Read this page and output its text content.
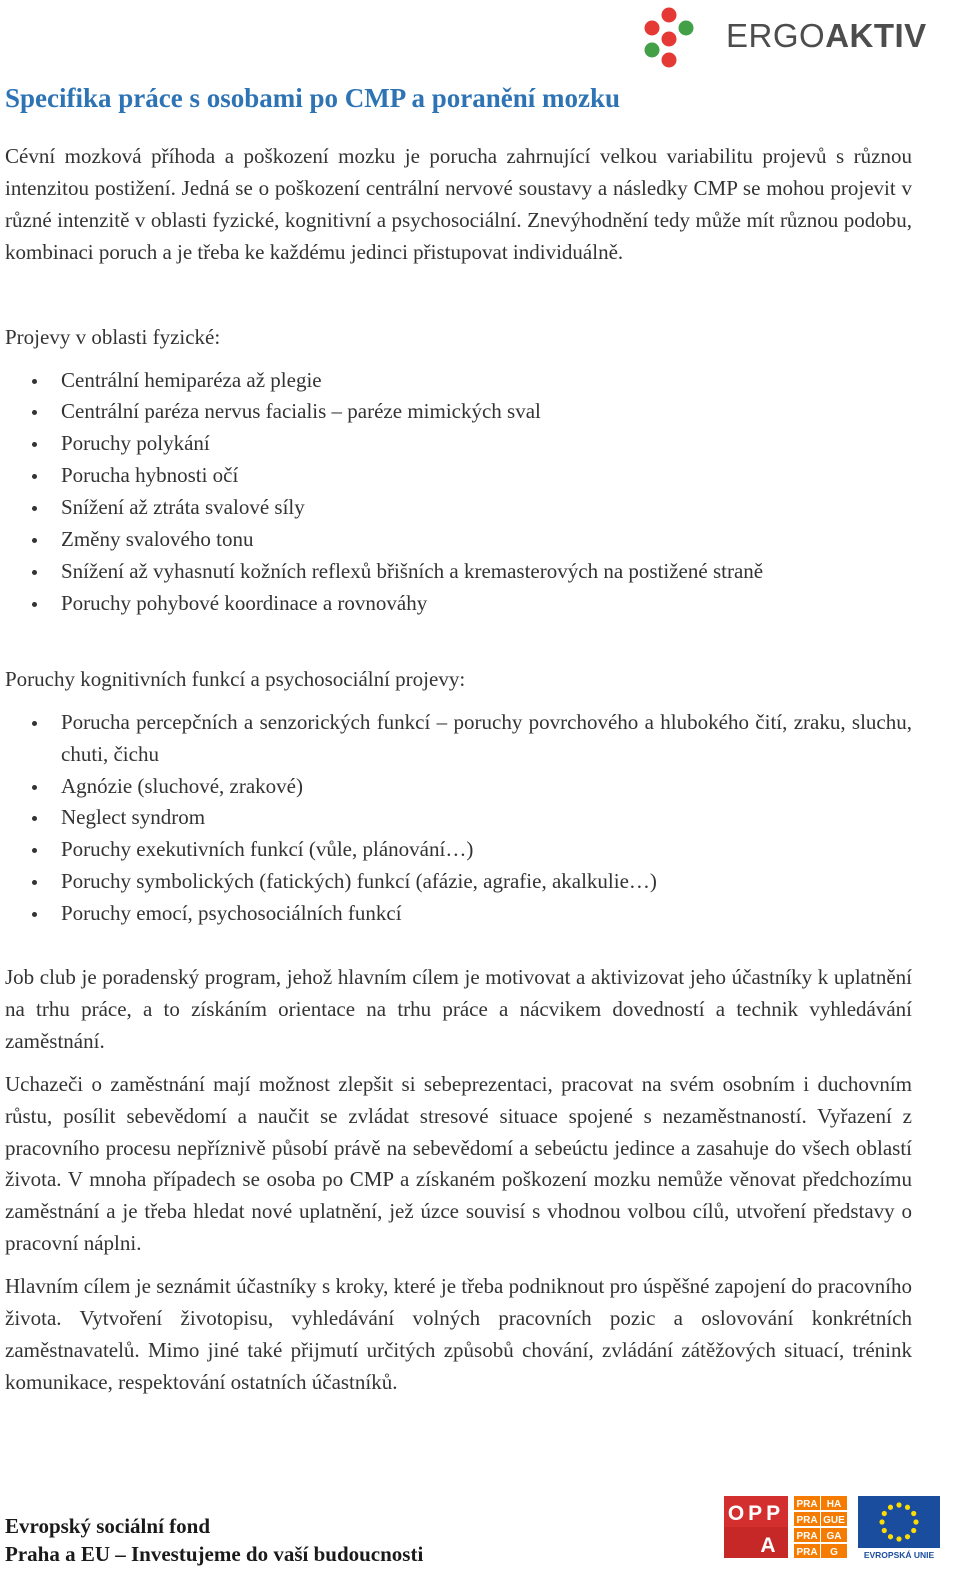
ERGOAKTIV
Specifika práce s osobami po CMP a poranění mozku

Cévní mozková příhoda a poškození mozku je porucha zahrnující velkou variabilitu projevů s různou intenzitou postižení. Jedná se o poškození centrální nervové soustavy a následky CMP se mohou projevit v různé intenzitě v oblasti fyzické, kognitivní a psychosociální. Znevýhodnění tedy může mít různou podobu, kombinaci poruch a je třeba ke každému jedinci přistupovat individuálně.

Projevy v oblasti fyzické:

Centrální hemiparéza až plegie
Centrální paréza nervus facialis – paréze mimických sval
Poruchy polykání
Porucha hybnosti očí
Snížení až ztráta svalové síly
Změny svalového tonu
Snížení až vyhasnutí kožních reflexů břišních a kremasterových na postižené straně
Poruchy pohybové koordinace a rovnováhy

Poruchy kognitivních funkcí a psychosociální projevy:

Porucha percepčních a senzorických funkcí – poruchy povrchového a hlubokého čití, zraku, sluchu, chuti, čichu
Agnózie (sluchové, zrakové)
Neglect syndrom
Poruchy exekutivních funkcí (vůle, plánování…)
Poruchy symbolických (fatických) funkcí (afázie, agrafie, akalkulie…)
Poruchy emocí, psychosociálních funkcí

Job club je poradenský program, jehož hlavním cílem je motivovat a aktivizovat jeho účastníky k uplatnění na trhu práce, a to získáním orientace na trhu práce a nácvikem dovedností a technik vyhledávání zaměstnání.

Uchazeči o zaměstnání mají možnost zlepšit si sebeprezentaci, pracovat na svém osobním i duchovním růstu, posílit sebevědomí a naučit se zvládat stresové situace spojené s nezaměstnaností. Vyřazení z pracovního procesu nepříznivě působí právě na sebevědomí a sebeúctu jedince a zasahuje do všech oblastí života. V mnoha případech se osoba po CMP a získaném poškození mozku nemůže věnovat předchozímu zaměstnání a je třeba hledat nové uplatnění, jež úzce souvisí s vhodnou volbou cílů, utvoření představy o pracovní náplni.

Hlavním cílem je seznámit účastníky s kroky, které je třeba podniknout pro úspěšné zapojení do pracovního života. Vytvoření životopisu, vyhledávání volných pracovních pozic a oslovování konkrétních zaměstnavatelů. Mimo jiné také přijmutí určitých způsobů chování, zvládání zátěžových situací, trénink komunikace, respektování ostatních účastníků.

Evropský sociální fond
Praha a EU – Investujeme do vaší budoucnosti
OPP
A
PRA HA
PRA GUE
PRA GA
PRA G	EVROPSKÁ UNIE
